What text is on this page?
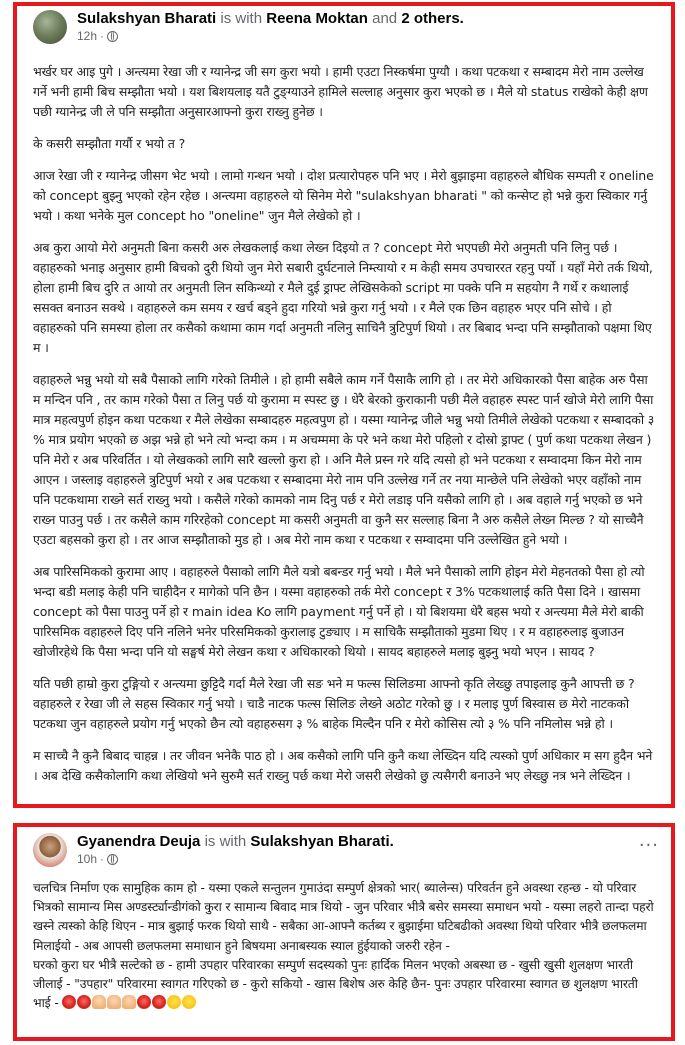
Sulakshyan Bharati is with Reena Moktan and 2 others.
12h ·

भर्खर घर आइ पुगे । अन्त्यमा रेखा जी र ग्यानेन्द्र जी सग कुरा भयो । हामी एउटा निस्कर्षमा पुग्यौ । कथा पटकथा र सम्बादम मेरो नाम उल्लेख गर्ने भनी हामी बिच सम्झौता भयो । यश बिशयलाइ यतै टुङ्ग्याउने हामिले सल्लाह अनुसार कुरा भएको छ । मैले यो status राखेको केही क्षण पछी ग्यानेन्द्र जी ले पनि सम्झौता अनुसारआफ्नो कुरा राख्नु हुनेछ ।

के कसरी सम्झौता गर्यौ र भयो त ?

आज रेखा जी र ग्यानेन्द्र जीसग भेट भयो । लामो गन्थन भयो । दोश प्रत्यारोपहरु पनि भए । मेरो बुझाइमा वहाहरुले बौधिक सम्पती र oneline को concept बुझ्नु भएको रहेन रहेछ । अन्त्यमा वहाहरुले यो सिनेम मेरो "sulakshyan bharati " को कन्सेप्ट हो भन्ने कुरा स्विकार गर्नु भयो । कथा भनेके मुल concept ho "oneline" जुन मैले लेखेको हो ।

अब कुरा आयो मेरो अनुमती बिना कसरी अरु लेखकलाई कथा लेख्न दिइयो त ? concept मेरो भएपछी मेरो अनुमती पनि लिनु पर्छ । वहाहरुको भनाइ अनुसार हामी बिचको दुरी थियो जुन मेरो सबारी दुर्घटनाले निम्त्यायो र म केही समय उपचाररत रहनु पर्यो । यहाँ मेरो तर्क थियो, होला हामी बिच दुरि त आयो तर अनुमती लिन सकिन्थ्यो र मैले दुई ड्राफ्ट लेखिसकेको script मा पक्के पनि म सहयोग नै गर्थे र कथालाई ससक्त बनाउन सक्थे । वहाहरुले कम समय र खर्च बड्ने हुदा गरियो भन्ने कुरा गर्नु भयो । र मैले एक छिन वहाहरु भएर पनि सोचे । हो वहाहरुको पनि समस्या होला तर कसैको कथामा काम गर्दा अनुमती नलिनु साचिनै त्रुटिपुर्ण थियो । तर बिबाद भन्दा पनि सम्झौताको पक्षमा थिए म ।

वहाहरुले भन्नु भयो यो सबै पैसाको लागि गरेको तिमीले । हो हामी सबैले काम गर्ने पैसाकै लागि हो । तर मेरो अधिकारको पैसा बाहेक अरु पैसा म मन्दिन पनि , तर काम गरेको पैसा त लिनु पर्छ यो कुरामा म स्पस्ट छु । धेरै बेरको कुराकानी पछी मैले वहाहरु स्पस्ट पार्न खोजे मेरो लागि पैसा मात्र महत्वपुर्ण होइन कथा पटकथा र मैले लेखेका सम्बादहरु महत्वपुण हो । यस्मा ग्यानेन्द्र जीले भन्नु भयो तिमीले लेखेको पटकथा र सम्बादको ३ % मात्र प्रयोग भएको छ अझ भन्ने हो भने त्यो भन्दा कम । म अचम्ममा के परे भने कथा मेरो पहिलो र दोस्रो ड्राफ्ट ( पुर्ण कथा पटकथा लेखन ) पनि मेरो र अब परिवर्तित । यो लेखकको लागि सारै खल्लो कुरा हो । अनि मैले प्रस्न गरे यदि त्यसो हो भने पटकथा र सम्वादमा किन मेरो नाम आएन । जस्लाइ वहाहरुले त्रुटिपुर्ण भयो र अब पटकथा र सम्बादमा मेरो नाम पनि उल्लेख गर्ने तर नया मान्छेले पनि लेखेको भएर वहाँको नाम पनि पटकथामा राख्ने सर्त राख्नु भयो । कसैले गरेको कामको नाम दिनु पर्छ र मेरो लडाइ पनि यसैको लागि हो । अब वहाले गर्नु भएको छ भने राख्न पाउनु पर्छ । तर कसैले काम गरिरहेको concept मा कसरी अनुमती वा कुनै सर सल्लाह बिना नै अरु कसैले लेख्न मिल्छ ? यो साच्चैनै एउटा बहसको कुरा हो । तर आज सम्झौताको मुड हो । अब मेरो नाम कथा र पटकथा र सम्वादमा पनि उल्लेखित हुने भयो ।

अब पारिसमिकको कुरामा आए । वहाहरुले पैसाको लागि मैले यत्रो बबन्डर गर्नु भयो । मैले भने पैसाको लागि होइन मेरो मेहनतको पैसा हो त्यो भन्दा बडी मलाइ केही पनि चाहीदैन र मागेको पनि छैन । यस्मा वहाहरुको तर्क मेरो concept र 3% पटकथालाई कति पैसा दिने । खासमा concept को पैसा पाउनु पर्ने हो र main idea Ko लागि payment गर्नु पर्ने हो । यो बिशयमा धेरै बहस भयो र अन्त्यमा मैले मेरो बाकी पारिसमिक वहाहरुले दिए पनि नलिने भनेर परिसमिकको कुरालाइ टुङ्याए । म साचिकै सम्झौताको मुडमा थिए । र म वहाहरुलाइ बुजाउन खोजीरहेथे कि पैसा भन्दा पनि यो सङ्घर्ष मेरो लेखन कथा र अधिकारको थियो । सायद बहाहरुले मलाइ बुझ्नु भयो भएन । सायद ?

यति पछी हाम्रो कुरा टुङ्गियो र अन्त्यमा छुट्टिदै गर्दा मैले रेखा जी सङ भने म फल्स सिलिङमा आफ्नो कृति लेख्छु तपाइलाइ कुनै आपत्ती छ ? वहाहरुले र रेखा जी ले सहस स्विकार गर्नु भयो । चाडै नाटक फल्स सिलिङ लेख्ने अठोट गरेको छु । र मलाइ पुर्ण बिस्वास छ मेरो नाटकको पटकथा जुन वहाहरुले प्रयोग गर्नु भएको छैन त्यो वहाहरुसग ३ % बाहेक मिल्दैन पनि र मेरो कोसिस त्यो ३ % पनि नमिलोस भन्ने हो ।

म साच्चै नै कुनै बिबाद चाहन्न । तर जीवन भनेकै पाठ हो । अब कसैको लागि पनि कुनै कथा लेख्दिन यदि त्यस्को पुर्ण अधिकार म सग हुदैन भने । अब देखि कसैकोलागि कथा लेखियो भने सुरुमै सर्त राख्नु पर्छ कथा मेरो जसरी लेखेको छु त्यसैगरी बनाउने भए लेख्छु नत्र भने लेख्दिन ।

Gyanendra Deuja is with Sulakshyan Bharati.
10h ·
···
चलचित्र निर्माण एक सामुहिक काम हो - यस्मा एकले सन्तुलन गुमाउंदा सम्पुर्ण क्षेत्रको भार( ब्यालेन्स) परिवर्तन हुने अवस्था रहन्छ - यो परिवार भित्रको सामान्य मिस अण्डर्स्ट्यान्डीगंको कुरा र सामान्य बिवाद मात्र थियो - जुन परिवार भीत्रै बसेर समस्या समाधन भयो - यस्मा लहरो तान्दा पहरो खस्ने त्यस्को केहि थिएन - मात्र बुझाई फरक थियो साथै - सबैका आ-आफ्नै कर्तब्य र बुझाईमा घटिबढीको अवस्था थियो परिवार भीत्रै छलफलमा मिलाईयो - अब आपसी छलफलमा समाधान हुने बिषयमा अनाबस्यक स्याल हुंईयाको जरुरी रहेन -
घरको कुरा घर भीत्रै सल्टेको छ - हामी उपहार परिवारका सम्पुर्ण सदस्यको पुनः हार्दिक मिलन भएको अबस्था छ - खुसी खुसी शुलक्षण भारती जीलाई - "उपहार" परिवारमा स्वागत गरिएको छ - कुरो सकियो - खास बिशेष अरु केहि छैन- पुनः उपहार परिवारमा स्वागत छ शुलक्षण भारती भाई -
